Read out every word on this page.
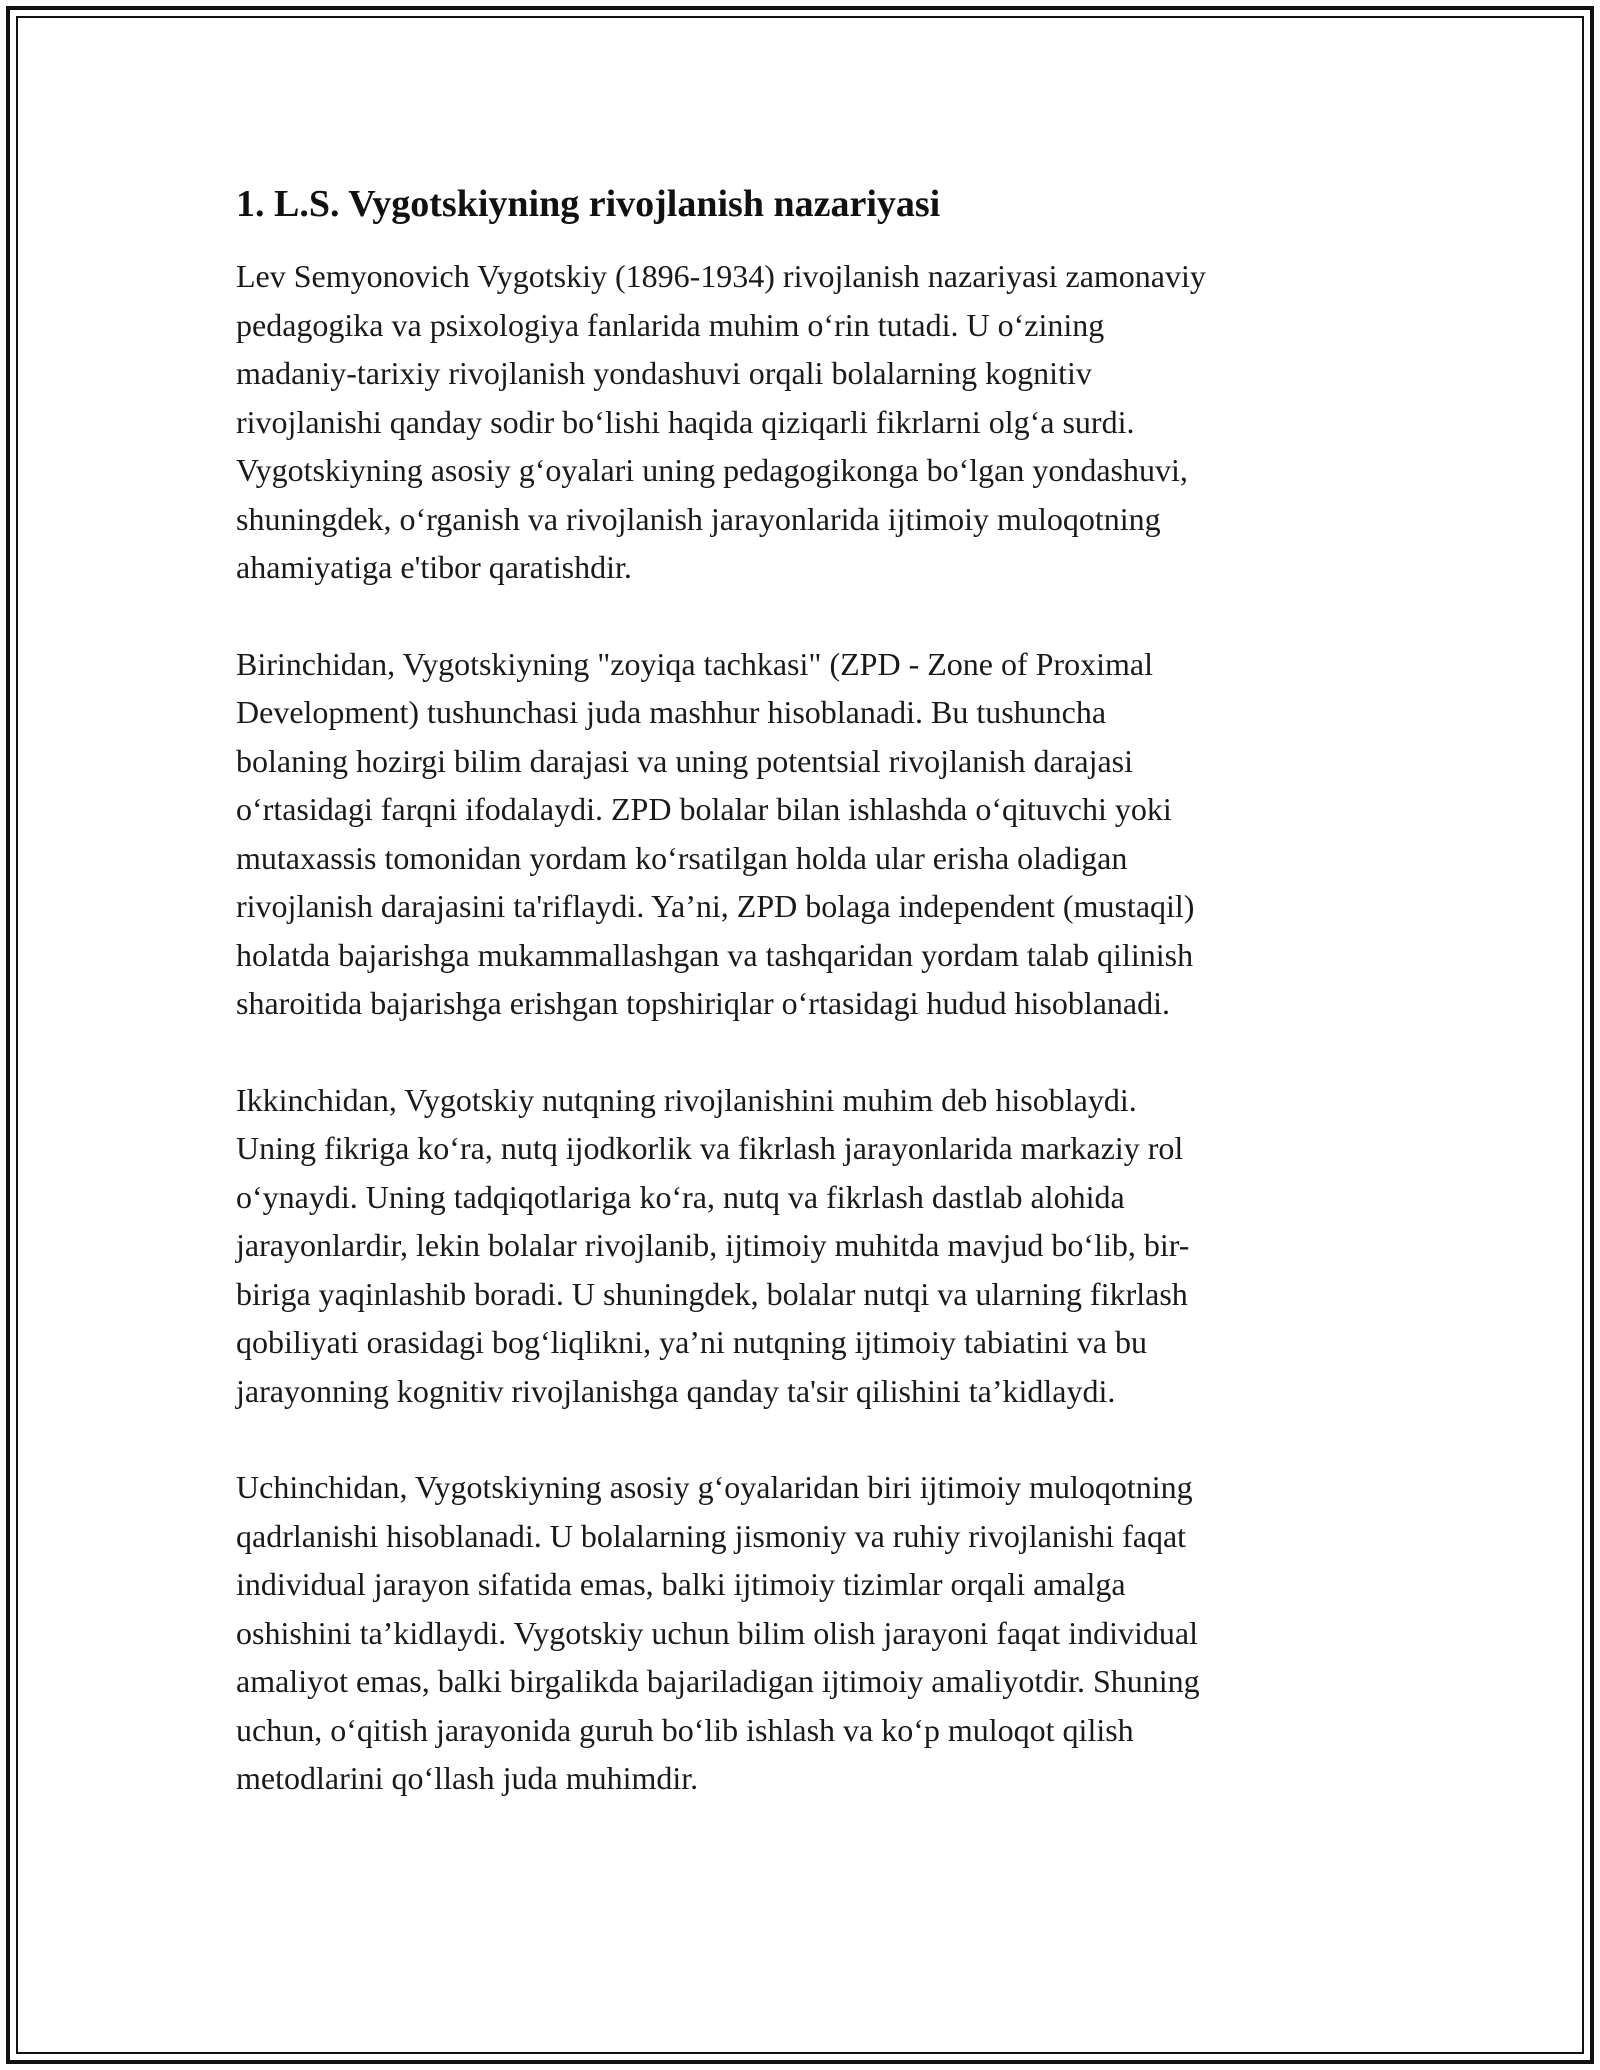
1. L.S. Vygotskiyning rivojlanish nazariyasi
Lev Semyonovich Vygotskiy (1896-1934) rivojlanish nazariyasi zamonaviy
pedagogika va psixologiya fanlarida muhim o‘rin tutadi. U o‘zining
madaniy-tarixiy rivojlanish yondashuvi orqali bolalarning kognitiv
rivojlanishi qanday sodir bo‘lishi haqida qiziqarli fikrlarni olg‘a surdi.
Vygotskiyning asosiy g‘oyalari uning pedagogikonga bo‘lgan yondashuvi,
shuningdek, o‘rganish va rivojlanish jarayonlarida ijtimoiy muloqotning
ahamiyatiga e'tibor qaratishdir.
Birinchidan, Vygotskiyning "zoyiqa tachkasi" (ZPD - Zone of Proximal
Development) tushunchasi juda mashhur hisoblanadi. Bu tushuncha
bolaning hozirgi bilim darajasi va uning potentsial rivojlanish darajasi
o‘rtasidagi farqni ifodalaydi. ZPD bolalar bilan ishlashda o‘qituvchi yoki
mutaxassis tomonidan yordam ko‘rsatilgan holda ular erisha oladigan
rivojlanish darajasini ta'riflaydi. Ya’ni, ZPD bolaga independent (mustaqil)
holatda bajarishga mukammallashgan va tashqaridan yordam talab qilinish
sharoitida bajarishga erishgan topshiriqlar o‘rtasidagi hudud hisoblanadi.
Ikkinchidan, Vygotskiy nutqning rivojlanishini muhim deb hisoblaydi.
Uning fikriga ko‘ra, nutq ijodkorlik va fikrlash jarayonlarida markaziy rol
o‘ynaydi. Uning tadqiqotlariga ko‘ra, nutq va fikrlash dastlab alohida
jarayonlardir, lekin bolalar rivojlanib, ijtimoiy muhitda mavjud bo‘lib, bir-
biriga yaqinlashib boradi. U shuningdek, bolalar nutqi va ularning fikrlash
qobiliyati orasidagi bog‘liqlikni, ya’ni nutqning ijtimoiy tabiatini va bu
jarayonning kognitiv rivojlanishga qanday ta'sir qilishini ta’kidlaydi.
Uchinchidan, Vygotskiyning asosiy g‘oyalaridan biri ijtimoiy muloqotning
qadrlanishi hisoblanadi. U bolalarning jismoniy va ruhiy rivojlanishi faqat
individual jarayon sifatida emas, balki ijtimoiy tizimlar orqali amalga
oshishini ta’kidlaydi. Vygotskiy uchun bilim olish jarayoni faqat individual
amaliyot emas, balki birgalikda bajariladigan ijtimoiy amaliyotdir. Shuning
uchun, o‘qitish jarayonida guruh bo‘lib ishlash va ko‘p muloqot qilish
metodlarini qo‘llash juda muhimdir.
